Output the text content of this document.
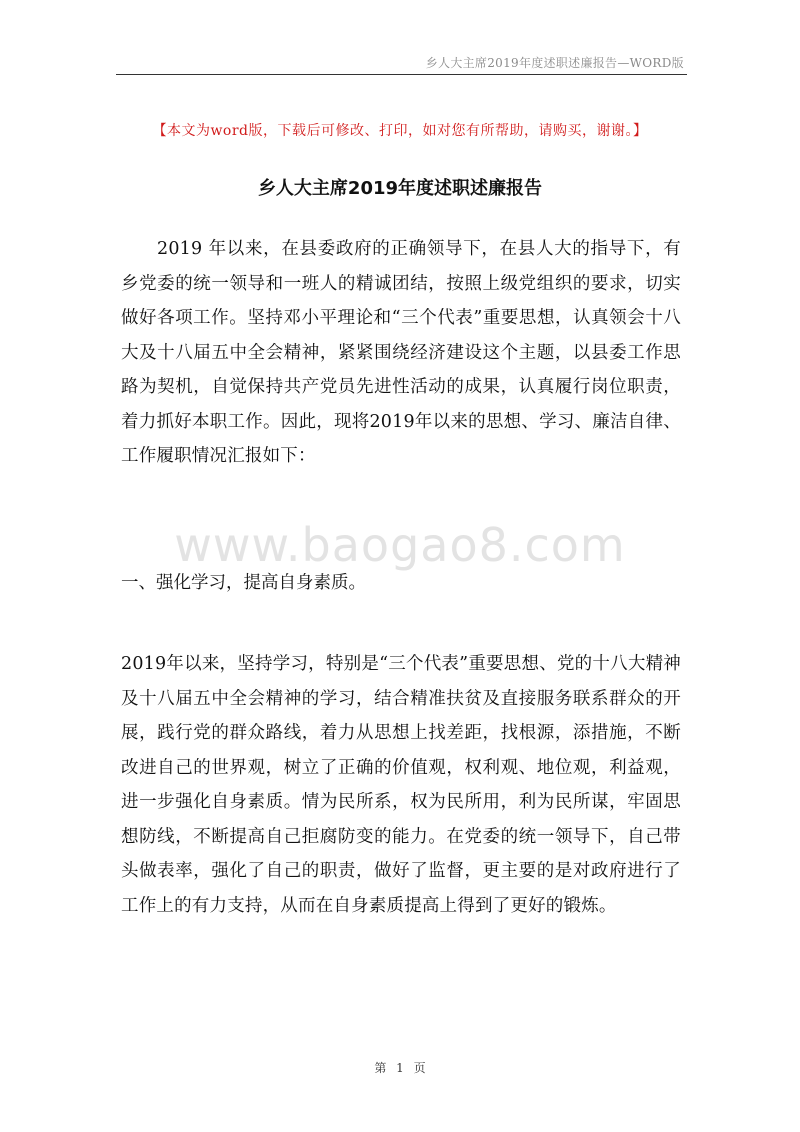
乡人大主席2019年度述职述廉报告—WORD版
【本文为word版，下载后可修改、打印，如对您有所帮助，请购买，谢谢。】
乡人大主席2019年度述职述廉报告
2019 年以来，在县委政府的正确领导下，在县人大的指导下，有乡党委的统一领导和一班人的精诚团结，按照上级党组织的要求，切实做好各项工作。坚持邓小平理论和“三个代表”重要思想，认真领会十八大及十八届五中全会精神，紧紧围绕经济建设这个主题，以县委工作思路为契机，自觉保持共产党员先进性活动的成果，认真履行岗位职责，着力抓好本职工作。因此，现将2019年以来的思想、学习、廉洁自律、工作履职情况汇报如下：
www.baogao8.com
一、强化学习，提高自身素质。
2019年以来，坚持学习，特别是“三个代表”重要思想、党的十八大精神及十八届五中全会精神的学习，结合精准扶贫及直接服务联系群众的开展，践行党的群众路线，着力从思想上找差距，找根源，添措施，不断改进自己的世界观，树立了正确的价值观，权利观、地位观，利益观，进一步强化自身素质。情为民所系，权为民所用，利为民所谋，牢固思想防线，不断提高自己拒腐防变的能力。在党委的统一领导下，自己带头做表率，强化了自己的职责，做好了监督，更主要的是对政府进行了工作上的有力支持，从而在自身素质提高上得到了更好的锻炼。
第 1 页
